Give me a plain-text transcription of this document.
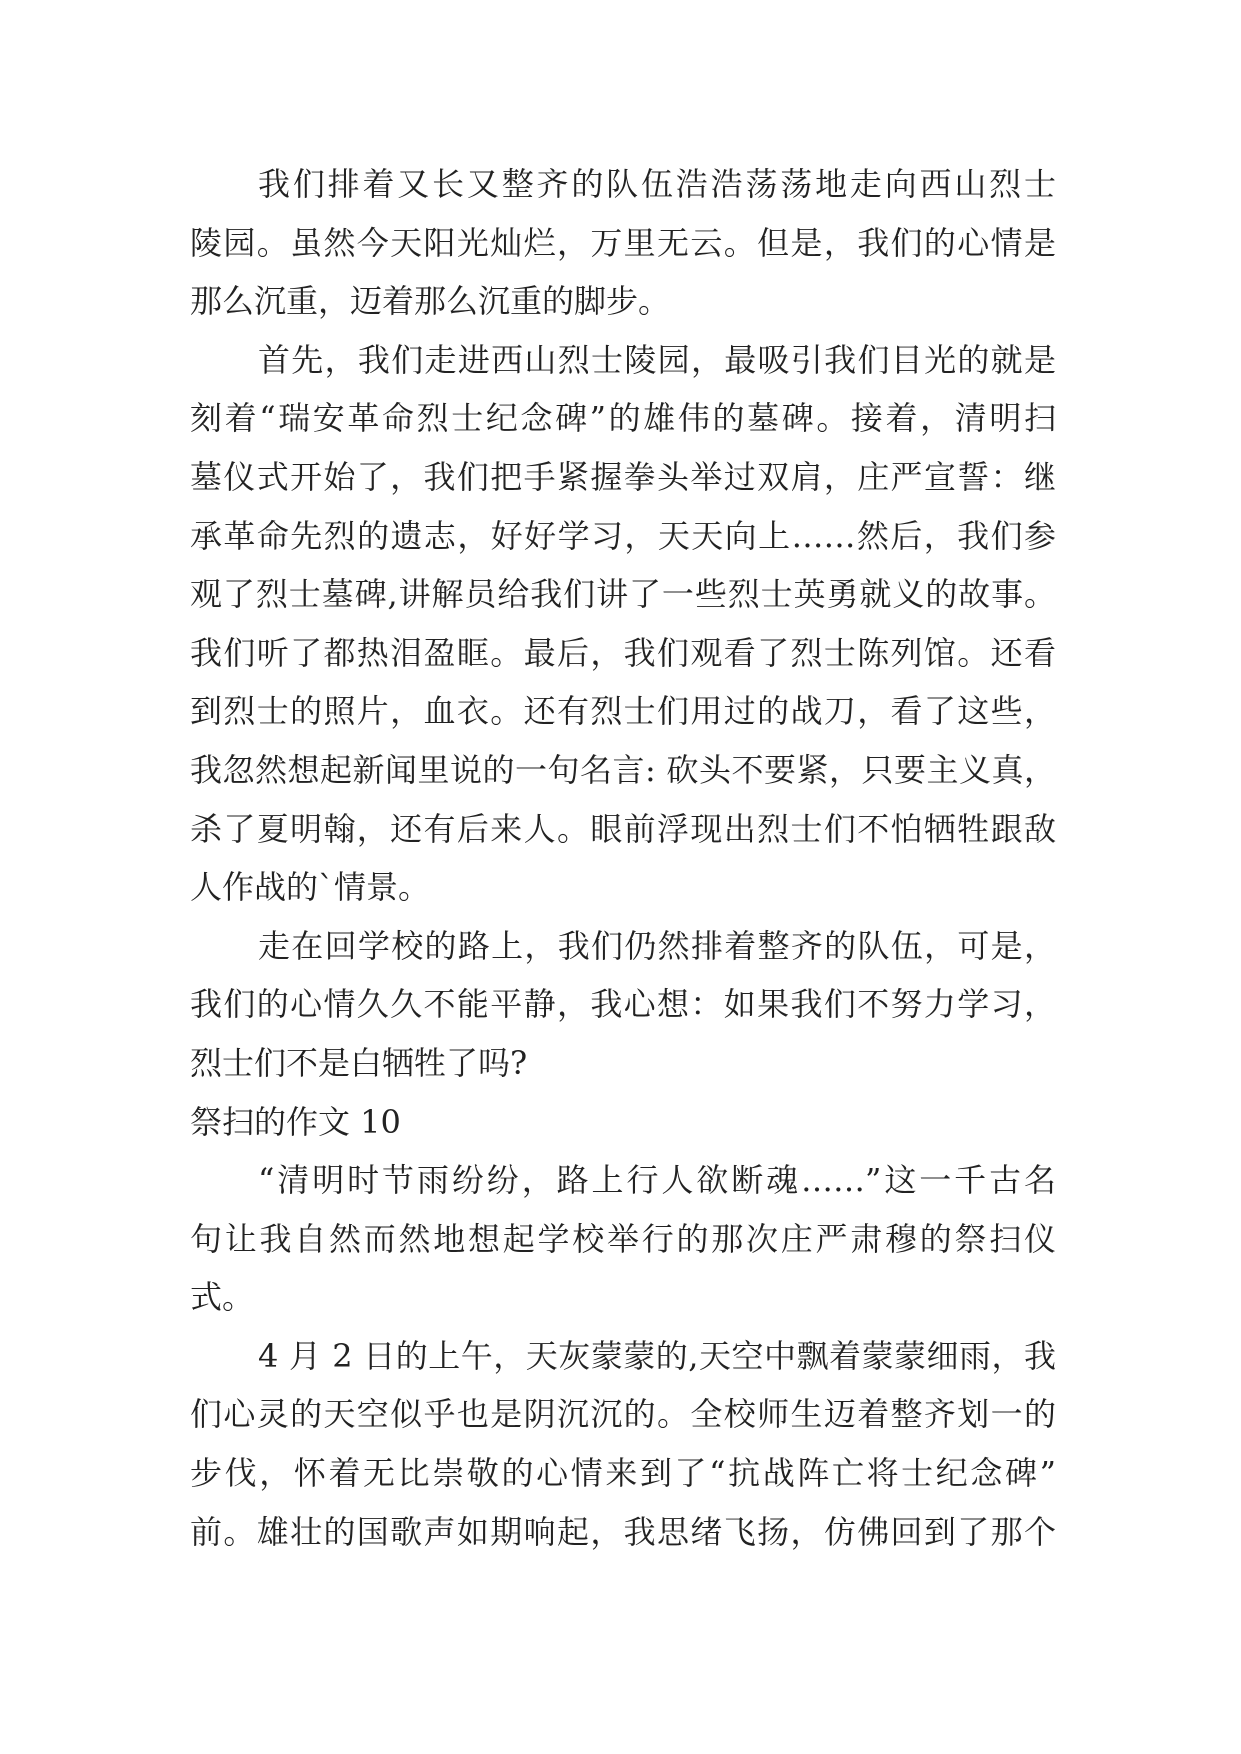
我们排着又长又整齐的队伍浩浩荡荡地走向西山烈士
陵园。虽然今天阳光灿烂，万里无云。但是，我们的心情是
那么沉重，迈着那么沉重的脚步。
首先，我们走进西山烈士陵园，最吸引我们目光的就是
刻着“瑞安革命烈士纪念碑”的雄伟的墓碑。接着，清明扫
墓仪式开始了，我们把手紧握拳头举过双肩，庄严宣誓：继
承革命先烈的遗志，好好学习，天天向上……然后，我们参
观了烈士墓碑,讲解员给我们讲了一些烈士英勇就义的故事。
我们听了都热泪盈眶。最后，我们观看了烈士陈列馆。还看
到烈士的照片，血衣。还有烈士们用过的战刀，看了这些，
我忽然想起新闻里说的一句名言: 砍头不要紧，只要主义真，
杀了夏明翰，还有后来人。眼前浮现出烈士们不怕牺牲跟敌
人作战的`情景。
走在回学校的路上，我们仍然排着整齐的队伍，可是，
我们的心情久久不能平静，我心想：如果我们不努力学习，
烈士们不是白牺牲了吗?
祭扫的作文 10
“清明时节雨纷纷，路上行人欲断魂……”这一千古名
句让我自然而然地想起学校举行的那次庄严肃穆的祭扫仪
式。
4 月 2 日的上午，天灰蒙蒙的,天空中飘着蒙蒙细雨，我
们心灵的天空似乎也是阴沉沉的。全校师生迈着整齐划一的
步伐，怀着无比崇敬的心情来到了“抗战阵亡将士纪念碑”
前。雄壮的国歌声如期响起，我思绪飞扬，仿佛回到了那个
